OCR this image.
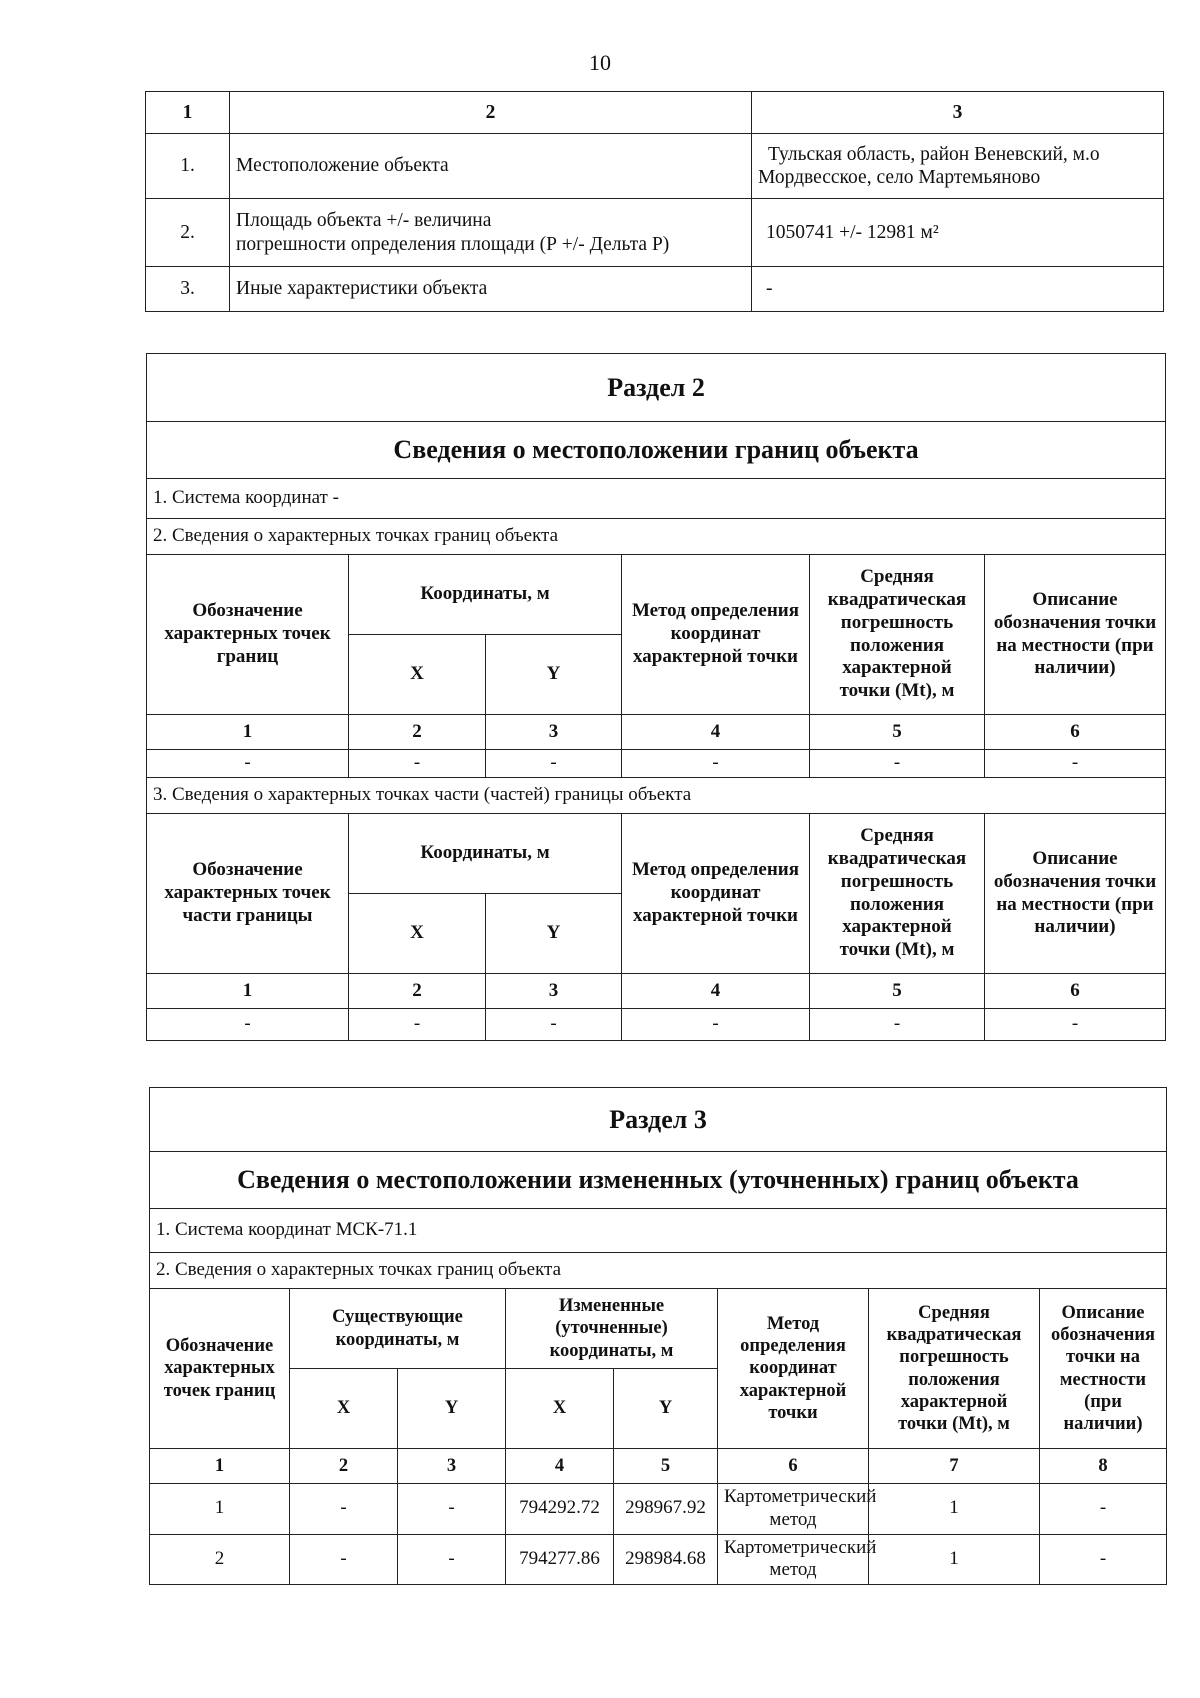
10
1	2	3
1.	Местоположение объекта	Тульская область, район Веневский, м.о
Мордвесское, село Мартемьяново

2.	Площадь объекта +/- величина
погрешности определения площади (Р +/- Дельта Р)	1050741 +/- 12981 м²
3.	Иные характеристики объекта	-
Раздел 2					
Сведения о местоположении границ объекта					
1. Система координат -					
2. Сведения о характерных точках границ объекта					
Обозначение характерных точек границ	Координаты, м		Метод определения координат характерной точки	Средняя квадратическая погрешность положения характерной точки (Mt), м	Описание обозначения точки на местности (при наличии)
	X	Y			
1	2	3	4	5	6
-	-	-	-	-	-
3. Сведения о характерных точках части (частей) границы объекта					
Обозначение характерных точек части границы	Координаты, м		Метод определения координат характерной точки	Средняя квадратическая погрешность положения характерной точки (Mt), м	Описание обозначения точки на местности (при наличии)
	X	Y			
1	2	3	4	5	6
-	-	-	-	-	-
Раздел 3							
Сведения о местоположении измененных (уточненных) границ объекта							
1. Система координат МСК-71.1							
2. Сведения о характерных точках границ объекта							
Обозначение характерных точек границ	Существующие координаты, м		Измененные (уточненные) координаты, м		Метод определения координат характерной точки	Средняя квадратическая погрешность положения характерной точки (Mt), м	Описание обозначения точки на местности (при наличии)
	X	Y	X	Y			
1	2	3	4	5	6	7	8
1	-	-	794292.72	298967.92	Картометрический метод	1	-
2	-	-	794277.86	298984.68	Картометрический метод	1	-
